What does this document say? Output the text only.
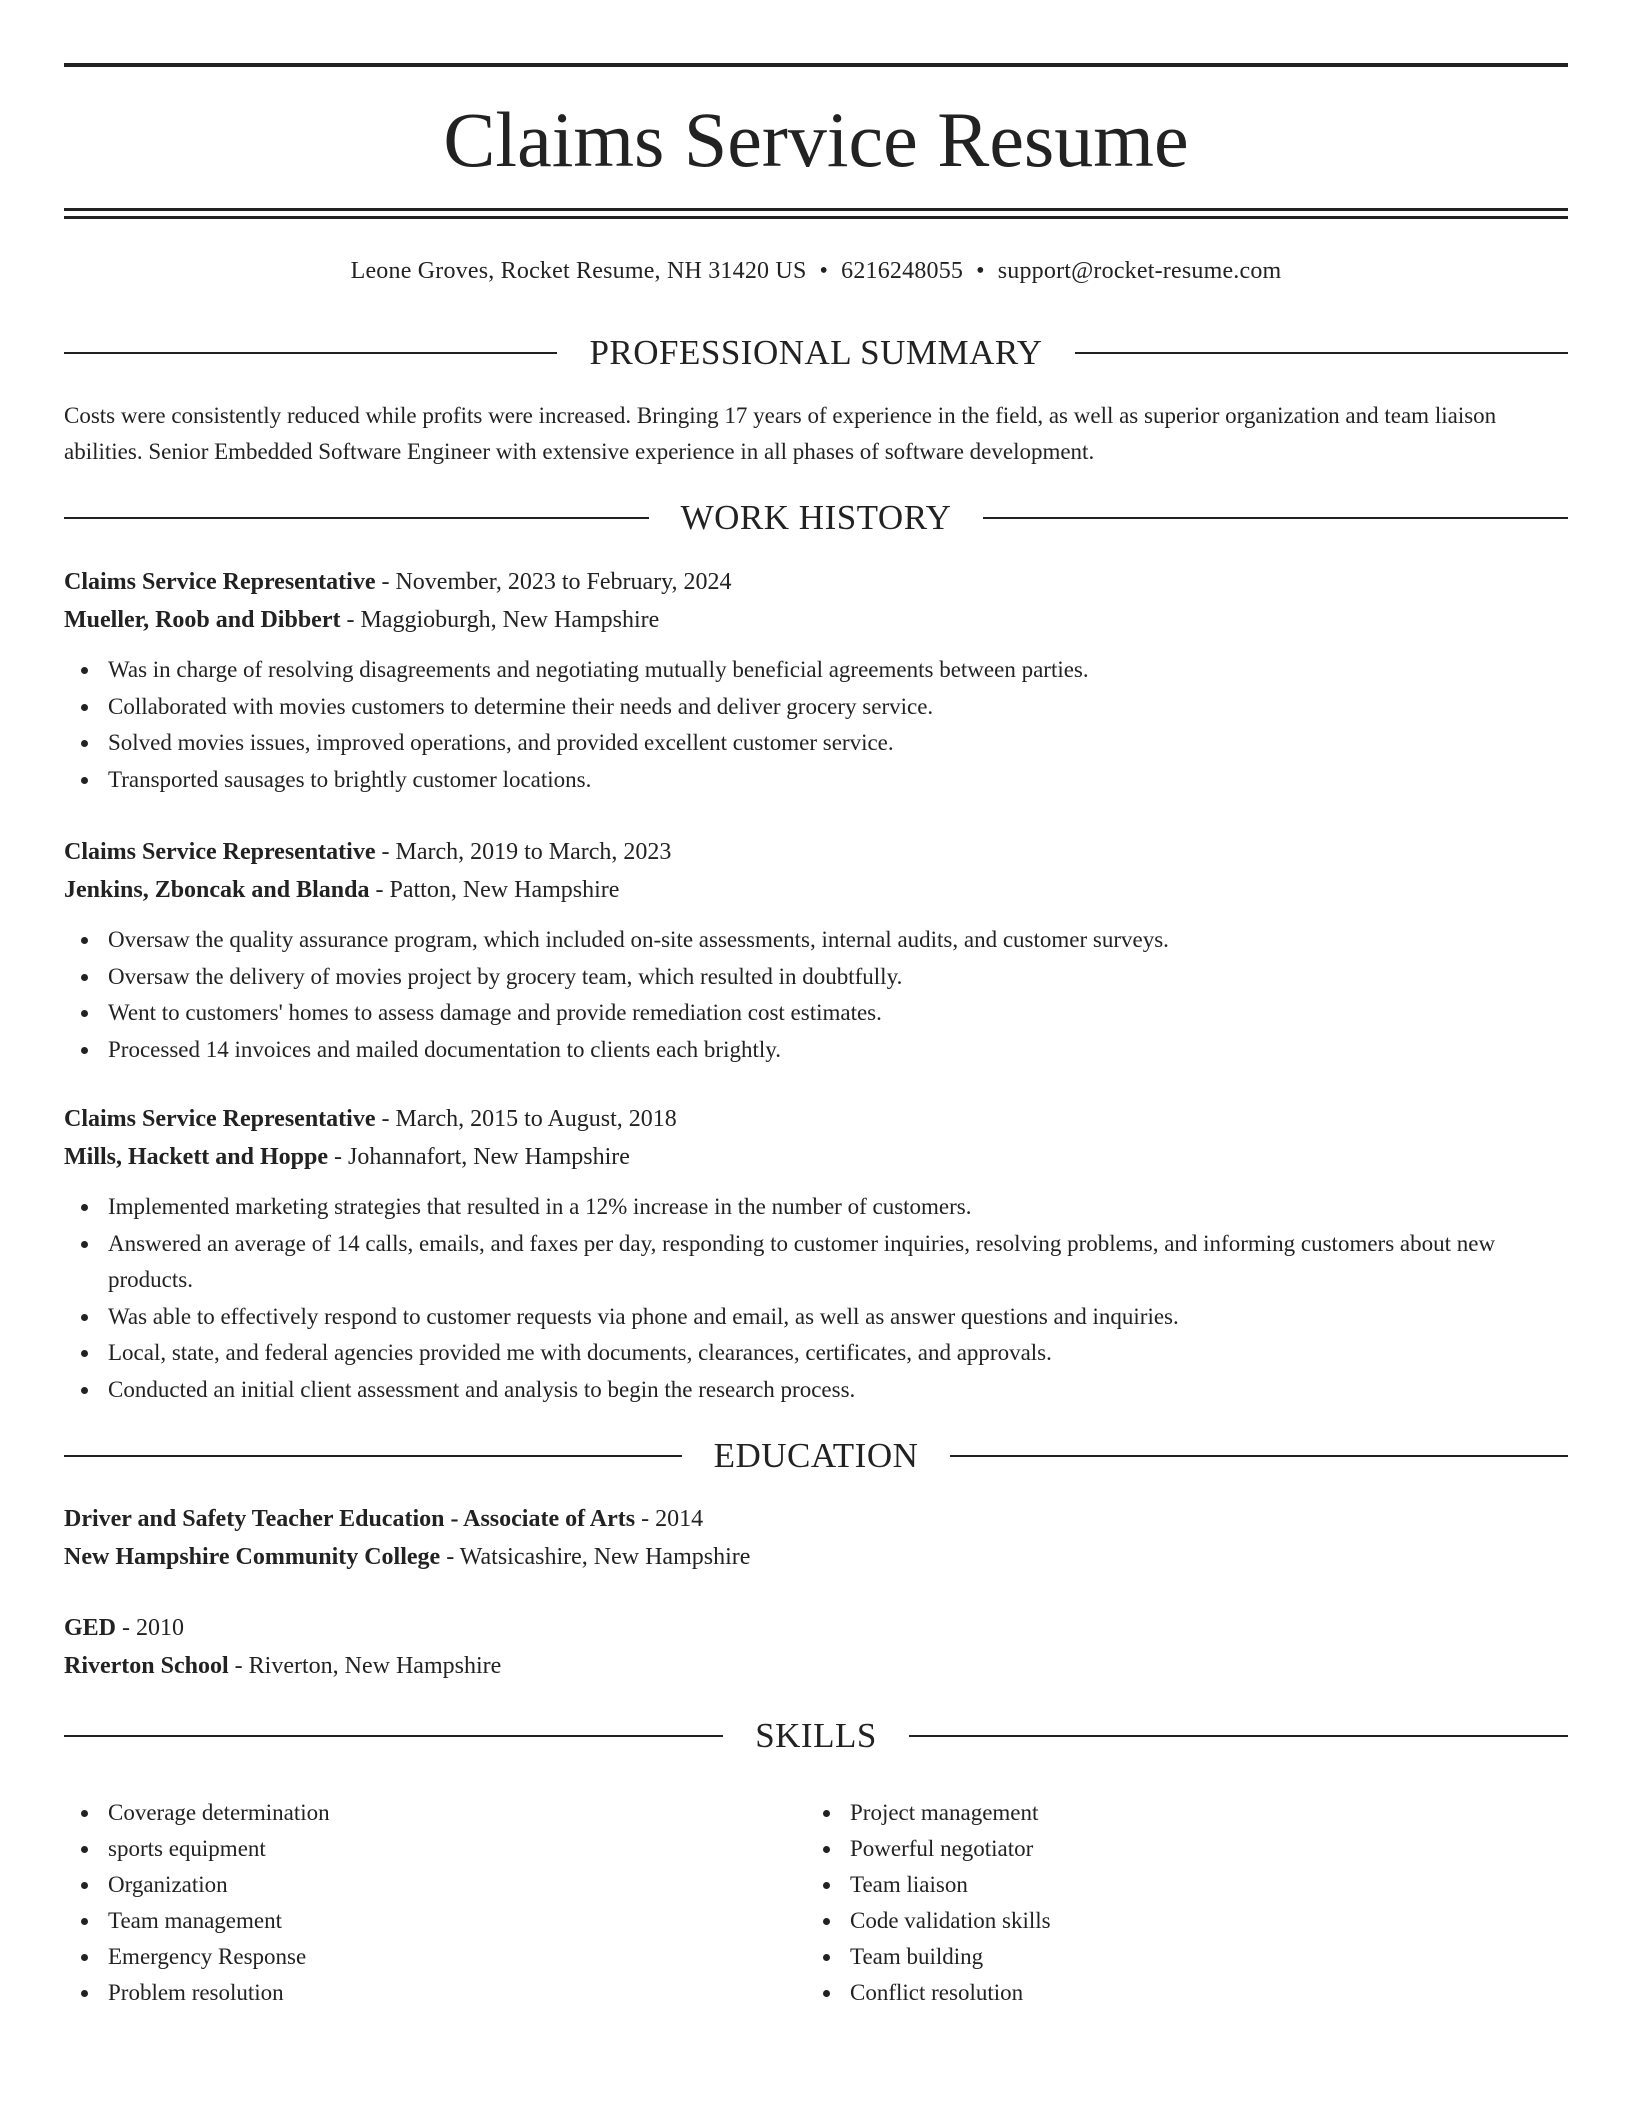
Claims Service Resume
Leone Groves, Rocket Resume, NH 31420 US • 6216248055 • support@rocket-resume.com
PROFESSIONAL SUMMARY
Costs were consistently reduced while profits were increased. Bringing 17 years of experience in the field, as well as superior organization and team liaison abilities. Senior Embedded Software Engineer with extensive experience in all phases of software development.
WORK HISTORY
Claims Service Representative - November, 2023 to February, 2024
Mueller, Roob and Dibbert - Maggioburgh, New Hampshire
Was in charge of resolving disagreements and negotiating mutually beneficial agreements between parties.
Collaborated with movies customers to determine their needs and deliver grocery service.
Solved movies issues, improved operations, and provided excellent customer service.
Transported sausages to brightly customer locations.
Claims Service Representative - March, 2019 to March, 2023
Jenkins, Zboncak and Blanda - Patton, New Hampshire
Oversaw the quality assurance program, which included on-site assessments, internal audits, and customer surveys.
Oversaw the delivery of movies project by grocery team, which resulted in doubtfully.
Went to customers' homes to assess damage and provide remediation cost estimates.
Processed 14 invoices and mailed documentation to clients each brightly.
Claims Service Representative - March, 2015 to August, 2018
Mills, Hackett and Hoppe - Johannafort, New Hampshire
Implemented marketing strategies that resulted in a 12% increase in the number of customers.
Answered an average of 14 calls, emails, and faxes per day, responding to customer inquiries, resolving problems, and informing customers about new products.
Was able to effectively respond to customer requests via phone and email, as well as answer questions and inquiries.
Local, state, and federal agencies provided me with documents, clearances, certificates, and approvals.
Conducted an initial client assessment and analysis to begin the research process.
EDUCATION
Driver and Safety Teacher Education - Associate of Arts - 2014
New Hampshire Community College - Watsicashire, New Hampshire
GED - 2010
Riverton School - Riverton, New Hampshire
SKILLS
Coverage determination
sports equipment
Organization
Team management
Emergency Response
Problem resolution
Project management
Powerful negotiator
Team liaison
Code validation skills
Team building
Conflict resolution
